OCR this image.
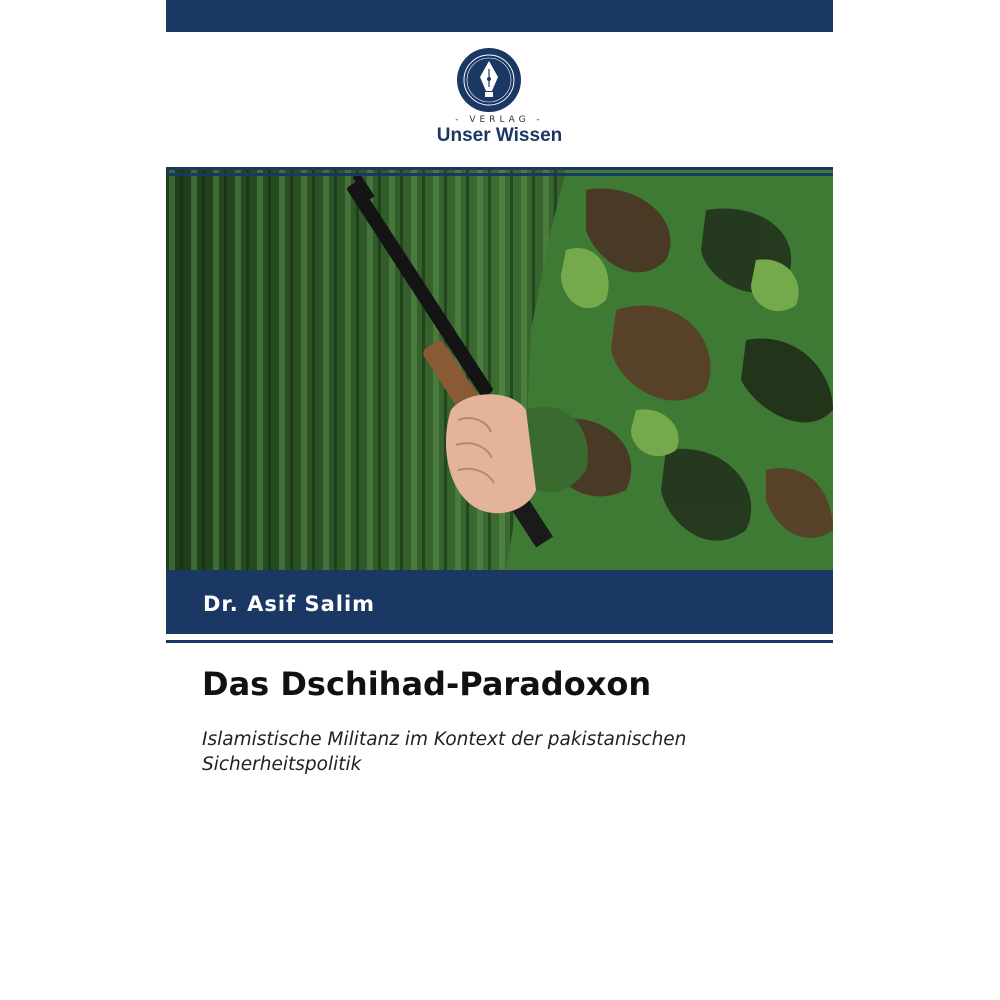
- VERLAG -
Unser Wissen
Dr. Asif Salim
Das Dschihad-Paradoxon
Islamistische Militanz im Kontext der pakistanischen Sicherheitspolitik
